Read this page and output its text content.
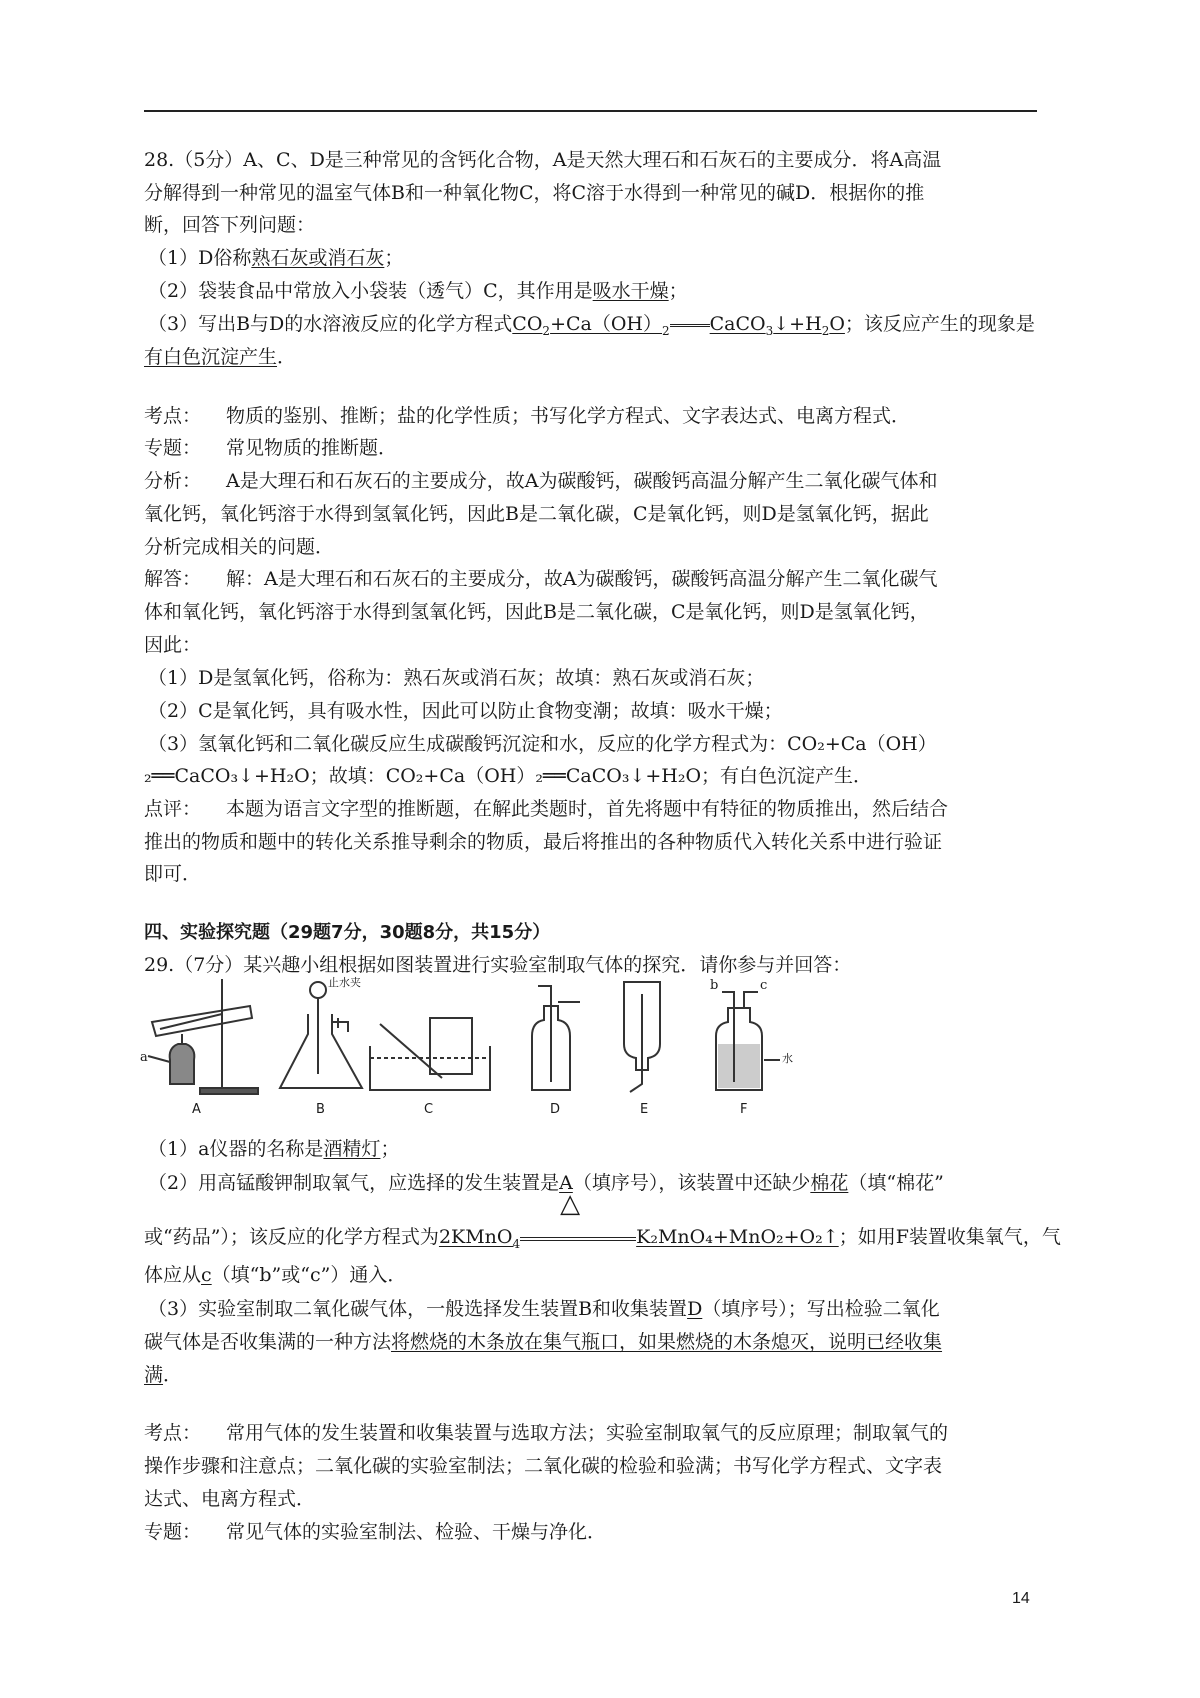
28.（5分）A、C、D是三种常见的含钙化合物，A是天然大理石和石灰石的主要成分．将A高温
分解得到一种常见的温室气体B和一种氧化物C，将C溶于水得到一种常见的碱D．根据你的推
断，回答下列问题：
（1）D俗称熟石灰或消石灰；
（2）袋装食品中常放入小袋装（透气）C，其作用是吸水干燥；
（3）写出B与D的水溶液反应的化学方程式$CO_2+Ca(OH)_2$ $CaCO_3↓+H_2O$；该反应产生的现象是
有白色沉淀产生．
考点： 物质的鉴别、推断；盐的化学性质；书写化学方程式、文字表达式、电离方程式．
专题： 常见物质的推断题．
分析： A是大理石和石灰石的主要成分，故A为碳酸钙，碳酸钙高温分解产生二氧化碳气体和
氧化钙，氧化钙溶于水得到氢氧化钙，因此B是二氧化碳，C是氧化钙，则D是氢氧化钙，据此
分析完成相关的问题．
解答： 解：A是大理石和石灰石的主要成分，故A为碳酸钙，碳酸钙高温分解产生二氧化碳气
体和氧化钙，氧化钙溶于水得到氢氧化钙，因此B是二氧化碳，C是氧化钙，则D是氢氧化钙，
因此：
（1）D是氢氧化钙，俗称为：熟石灰或消石灰；故填：熟石灰或消石灰；
（2）C是氧化钙，具有吸水性，因此可以防止食物变潮；故填：吸水干燥；
（3）氢氧化钙和二氧化碳反应生成碳酸钙沉淀和水，反应的化学方程式为：CO₂+Ca（OH）
₂══CaCO₃↓+H₂O；故填：CO₂+Ca（OH）₂══CaCO₃↓+H₂O；有白色沉淀产生．
点评： 本题为语言文字型的推断题，在解此类题时，首先将题中有特征的物质推出，然后结合
推出的物质和题中的转化关系推导剩余的物质，最后将推出的各种物质代入转化关系中进行验证
即可．
四、实验探究题（29题7分，30题8分，共15分）
29.（7分）某兴趣小组根据如图装置进行实验室制取气体的探究．请你参与并回答：
a
止水夹	b	c
水
A	B	C	D	E	F
（1）a仪器的名称是酒精灯；
（2）用高锰酸钾制取氧气，应选择的发生装置是A（填序号），该装置中还缺少棉花（填“棉花”
或“药品”）；该反应的化学方程式为2KMnO$_4$
△
K₂MnO₄+MnO₂+O₂↑；如用F装置收集氧气，气
体应从c（填“b”或“c”）通入．
（3）实验室制取二氧化碳气体，一般选择发生装置B和收集装置D（填序号）；写出检验二氧化
碳气体是否收集满的一种方法将燃烧的木条放在集气瓶口，如果燃烧的木条熄灭，说明已经收集
满．
考点： 常用气体的发生装置和收集装置与选取方法；实验室制取氧气的反应原理；制取氧气的
操作步骤和注意点；二氧化碳的实验室制法；二氧化碳的检验和验满；书写化学方程式、文字表
达式、电离方程式．
专题： 常见气体的实验室制法、检验、干燥与净化．
14
